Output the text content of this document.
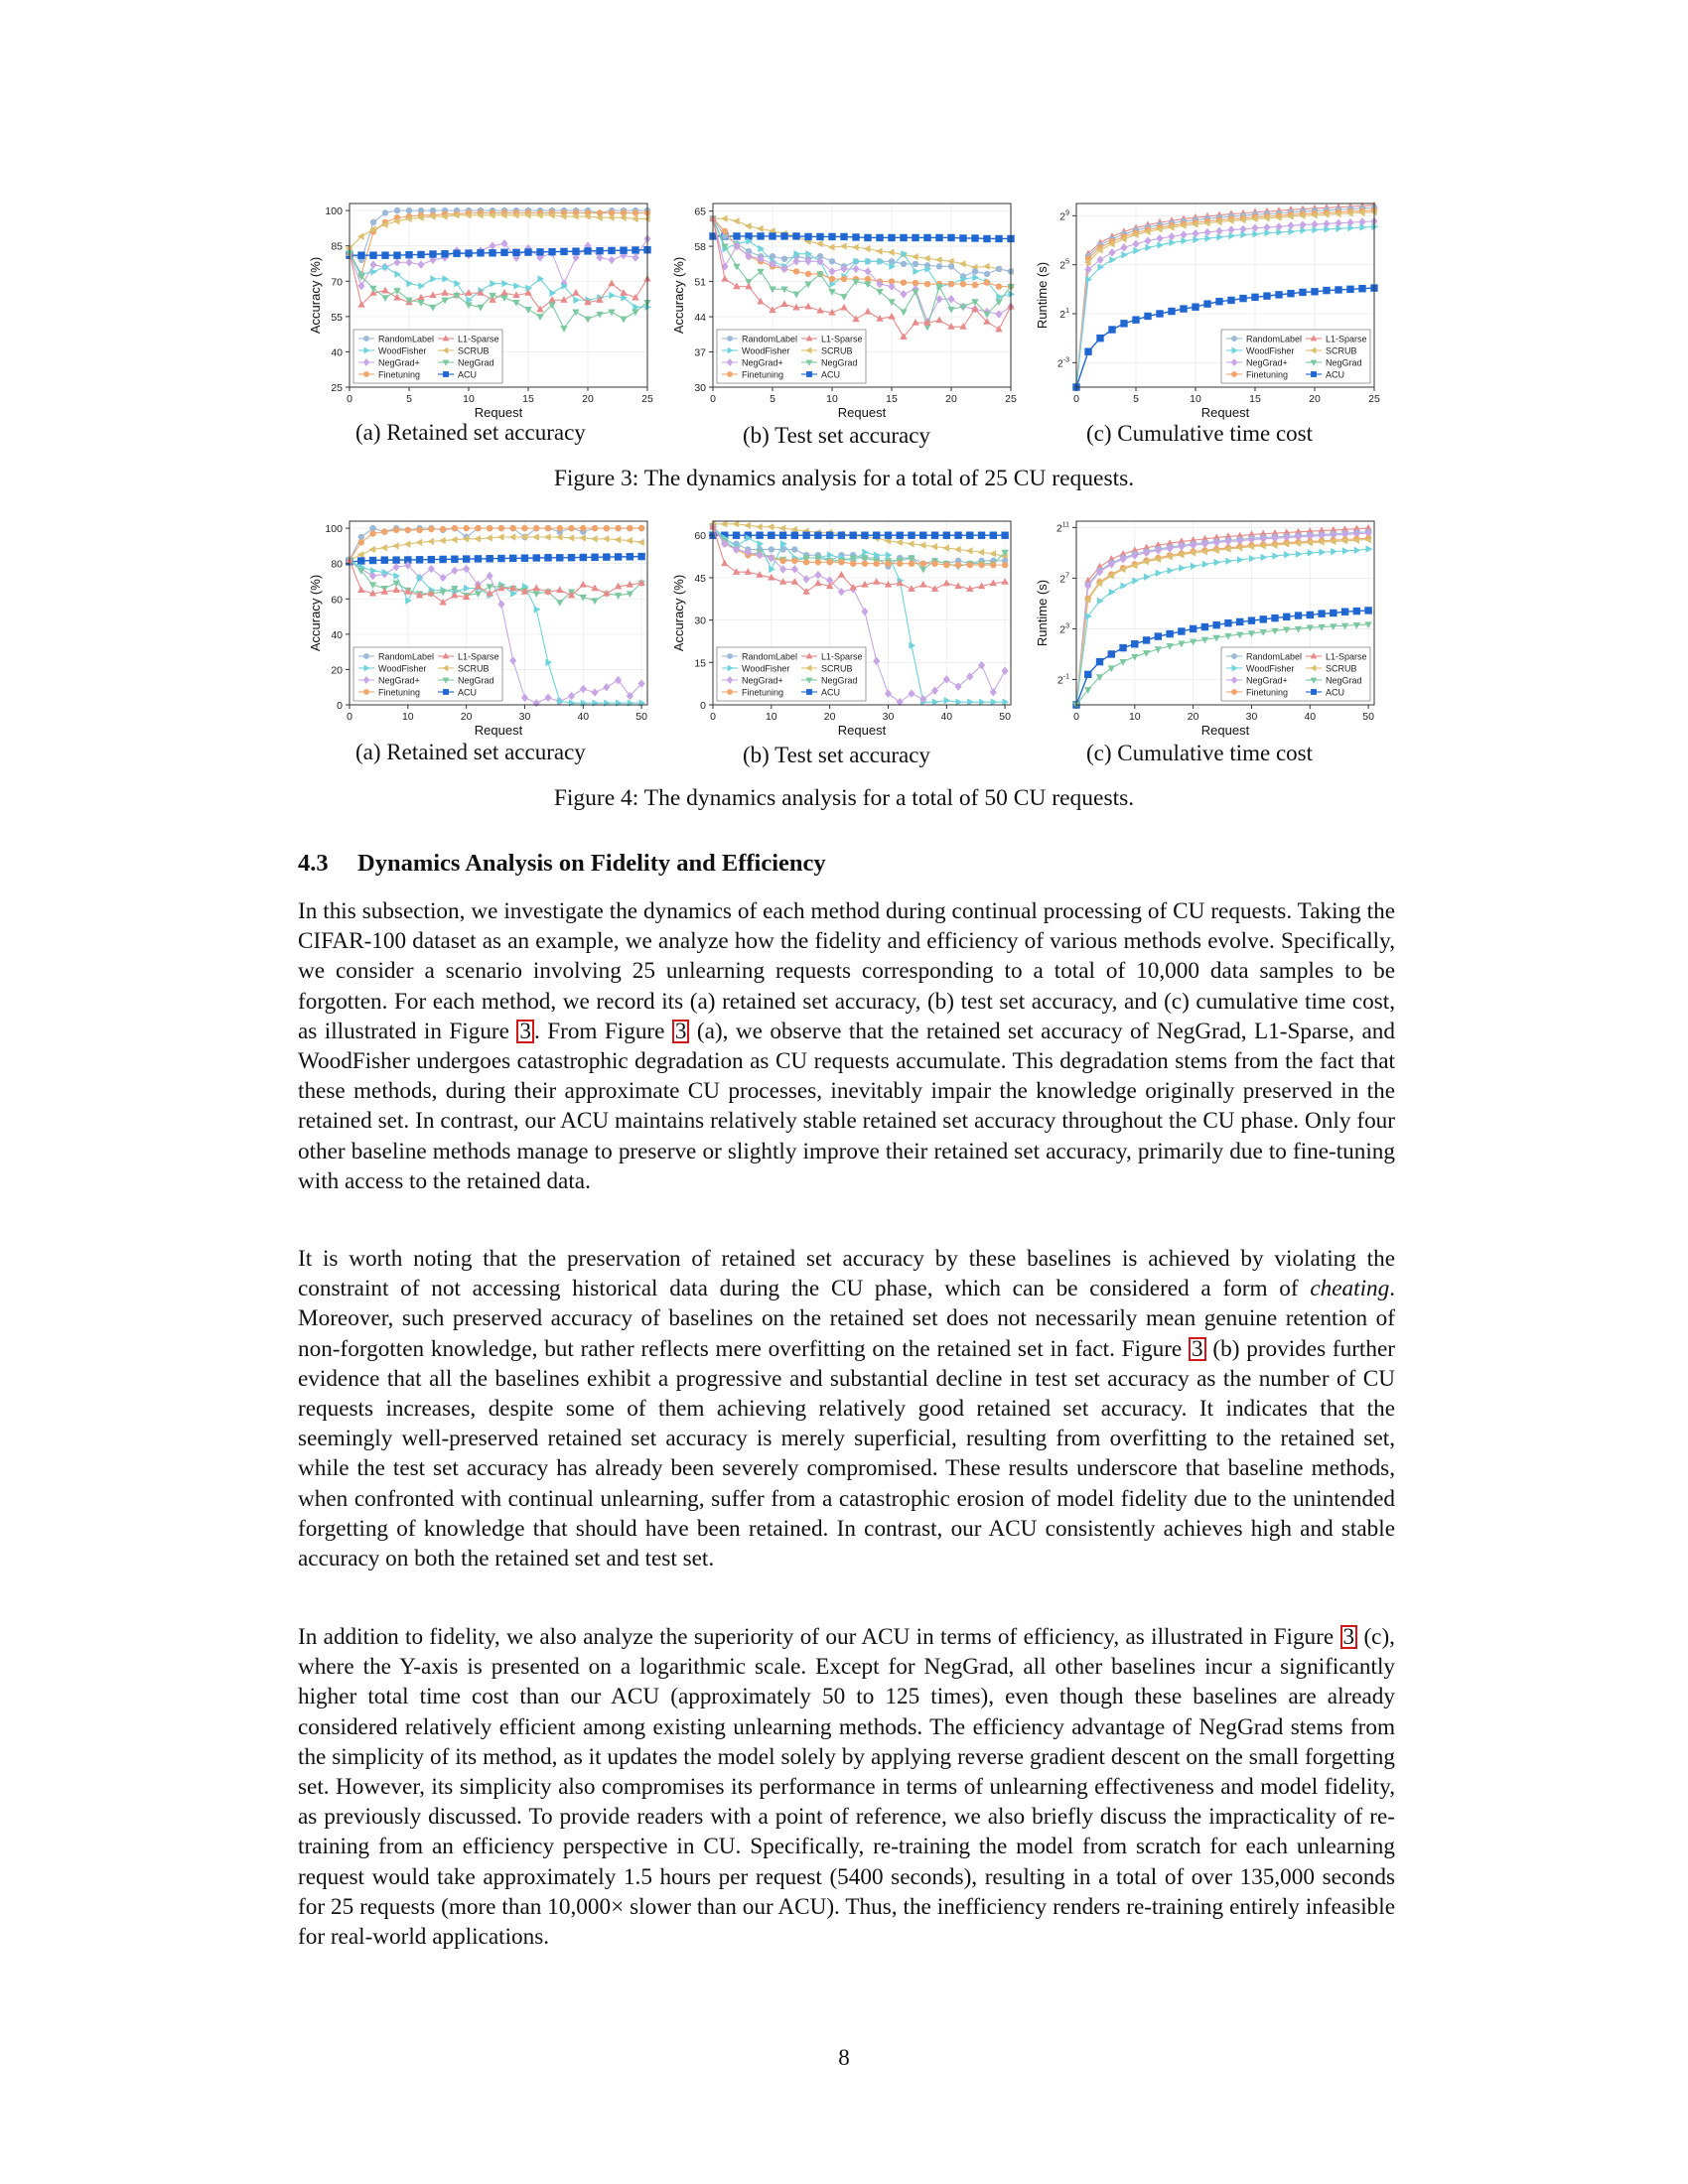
0	5	10	15	20	25
25
40
55
70
85
100
Request
Accuracy (%)
RandomLabel	L1-Sparse
WoodFisher	SCRUB
NegGrad+	NegGrad
Finetuning	ACU
0	5	10	15	20	25
30
37
44
51
58
65
Request
Accuracy (%)
RandomLabel	L1-Sparse
WoodFisher	SCRUB
NegGrad+	NegGrad
Finetuning	ACU
0	5	10	15	20	25
$2^{-3}$
$2^1$
$2^5$
$2^9$
Request
Runtime (s)
RandomLabel	L1-Sparse
WoodFisher	SCRUB
NegGrad+	NegGrad
Finetuning	ACU
(a) Retained set accuracy	(b) Test set accuracy	(c) Cumulative time cost
Figure 3: The dynamics analysis for a total of 25 CU requests.
0	10	20	30	40	50
0
20
40
60
80
100
Request
Accuracy (%)
RandomLabel	L1-Sparse
WoodFisher	SCRUB
NegGrad+	NegGrad
Finetuning	ACU
0	10	20	30	40	50
0
15
30
45
60
Request
Accuracy (%)
RandomLabel	L1-Sparse
WoodFisher	SCRUB
NegGrad+	NegGrad
Finetuning	ACU
0	10	20	30	40	50
$2^{-1}$
$2^3$
$2^7$
$2^{11}$
Request
Runtime (s)
RandomLabel	L1-Sparse
WoodFisher	SCRUB
NegGrad+	NegGrad
Finetuning	ACU
(a) Retained set accuracy	(b) Test set accuracy	(c) Cumulative time cost
Figure 4: The dynamics analysis for a total of 50 CU requests.
4.3 Dynamics Analysis on Fidelity and Efficiency
In this subsection, we investigate the dynamics of each method during continual processing of CU requests. Taking the CIFAR-100 dataset as an example, we analyze how the fidelity and efficiency of various methods evolve. Specifically, we consider a scenario involving 25 unlearning requests corresponding to a total of 10,000 data samples to be forgotten. For each method, we record its (a) retained set accuracy, (b) test set accuracy, and (c) cumulative time cost, as illustrated in Figure 3 . From Figure 3 (a), we observe that the retained set accuracy of NegGrad, L1-Sparse, and WoodFisher undergoes catastrophic degradation as CU requests accumulate. This degradation stems from the fact that these methods, during their approximate CU processes, inevitably impair the knowledge originally preserved in the retained set. In contrast, our ACU maintains relatively stable retained set accuracy throughout the CU phase. Only four other baseline methods manage to preserve or slightly improve their retained set accuracy, primarily due to fine-tuning with access to the retained data.
It is worth noting that the preservation of retained set accuracy by these baselines is achieved by violating the constraint of not accessing historical data during the CU phase, which can be considered a form of cheating. Moreover, such preserved accuracy of baselines on the retained set does not necessarily mean genuine retention of non-forgotten knowledge, but rather reflects mere overfitting on the retained set in fact. Figure 3 (b) provides further evidence that all the baselines exhibit a progressive and substantial decline in test set accuracy as the number of CU requests increases, despite some of them achieving relatively good retained set accuracy. It indicates that the seemingly well-preserved retained set accuracy is merely superficial, resulting from overfitting to the retained set, while the test set accuracy has already been severely compromised. These results underscore that baseline methods, when confronted with continual unlearning, suffer from a catastrophic erosion of model fidelity due to the unintended forgetting of knowledge that should have been retained. In contrast, our ACU consistently achieves high and stable accuracy on both the retained set and test set.
In addition to fidelity, we also analyze the superiority of our ACU in terms of efficiency, as illustrated in Figure 3 (c), where the Y-axis is presented on a logarithmic scale. Except for NegGrad, all other baselines incur a significantly higher total time cost than our ACU (approximately 50 to 125 times), even though these baselines are already considered relatively efficient among existing unlearning methods. The efficiency advantage of NegGrad stems from the simplicity of its method, as it updates the model solely by applying reverse gradient descent on the small forgetting set. However, its simplicity also compromises its performance in terms of unlearning effectiveness and model fidelity, as previously discussed. To provide readers with a point of reference, we also briefly discuss the impracticality of re-training from an efficiency perspective in CU. Specifically, re-training the model from scratch for each unlearning request would take approximately 1.5 hours per request (5400 seconds), resulting in a total of over 135,000 seconds for 25 requests (more than 10,000× slower than our ACU). Thus, the inefficiency renders re-training entirely infeasible for real-world applications.
8
